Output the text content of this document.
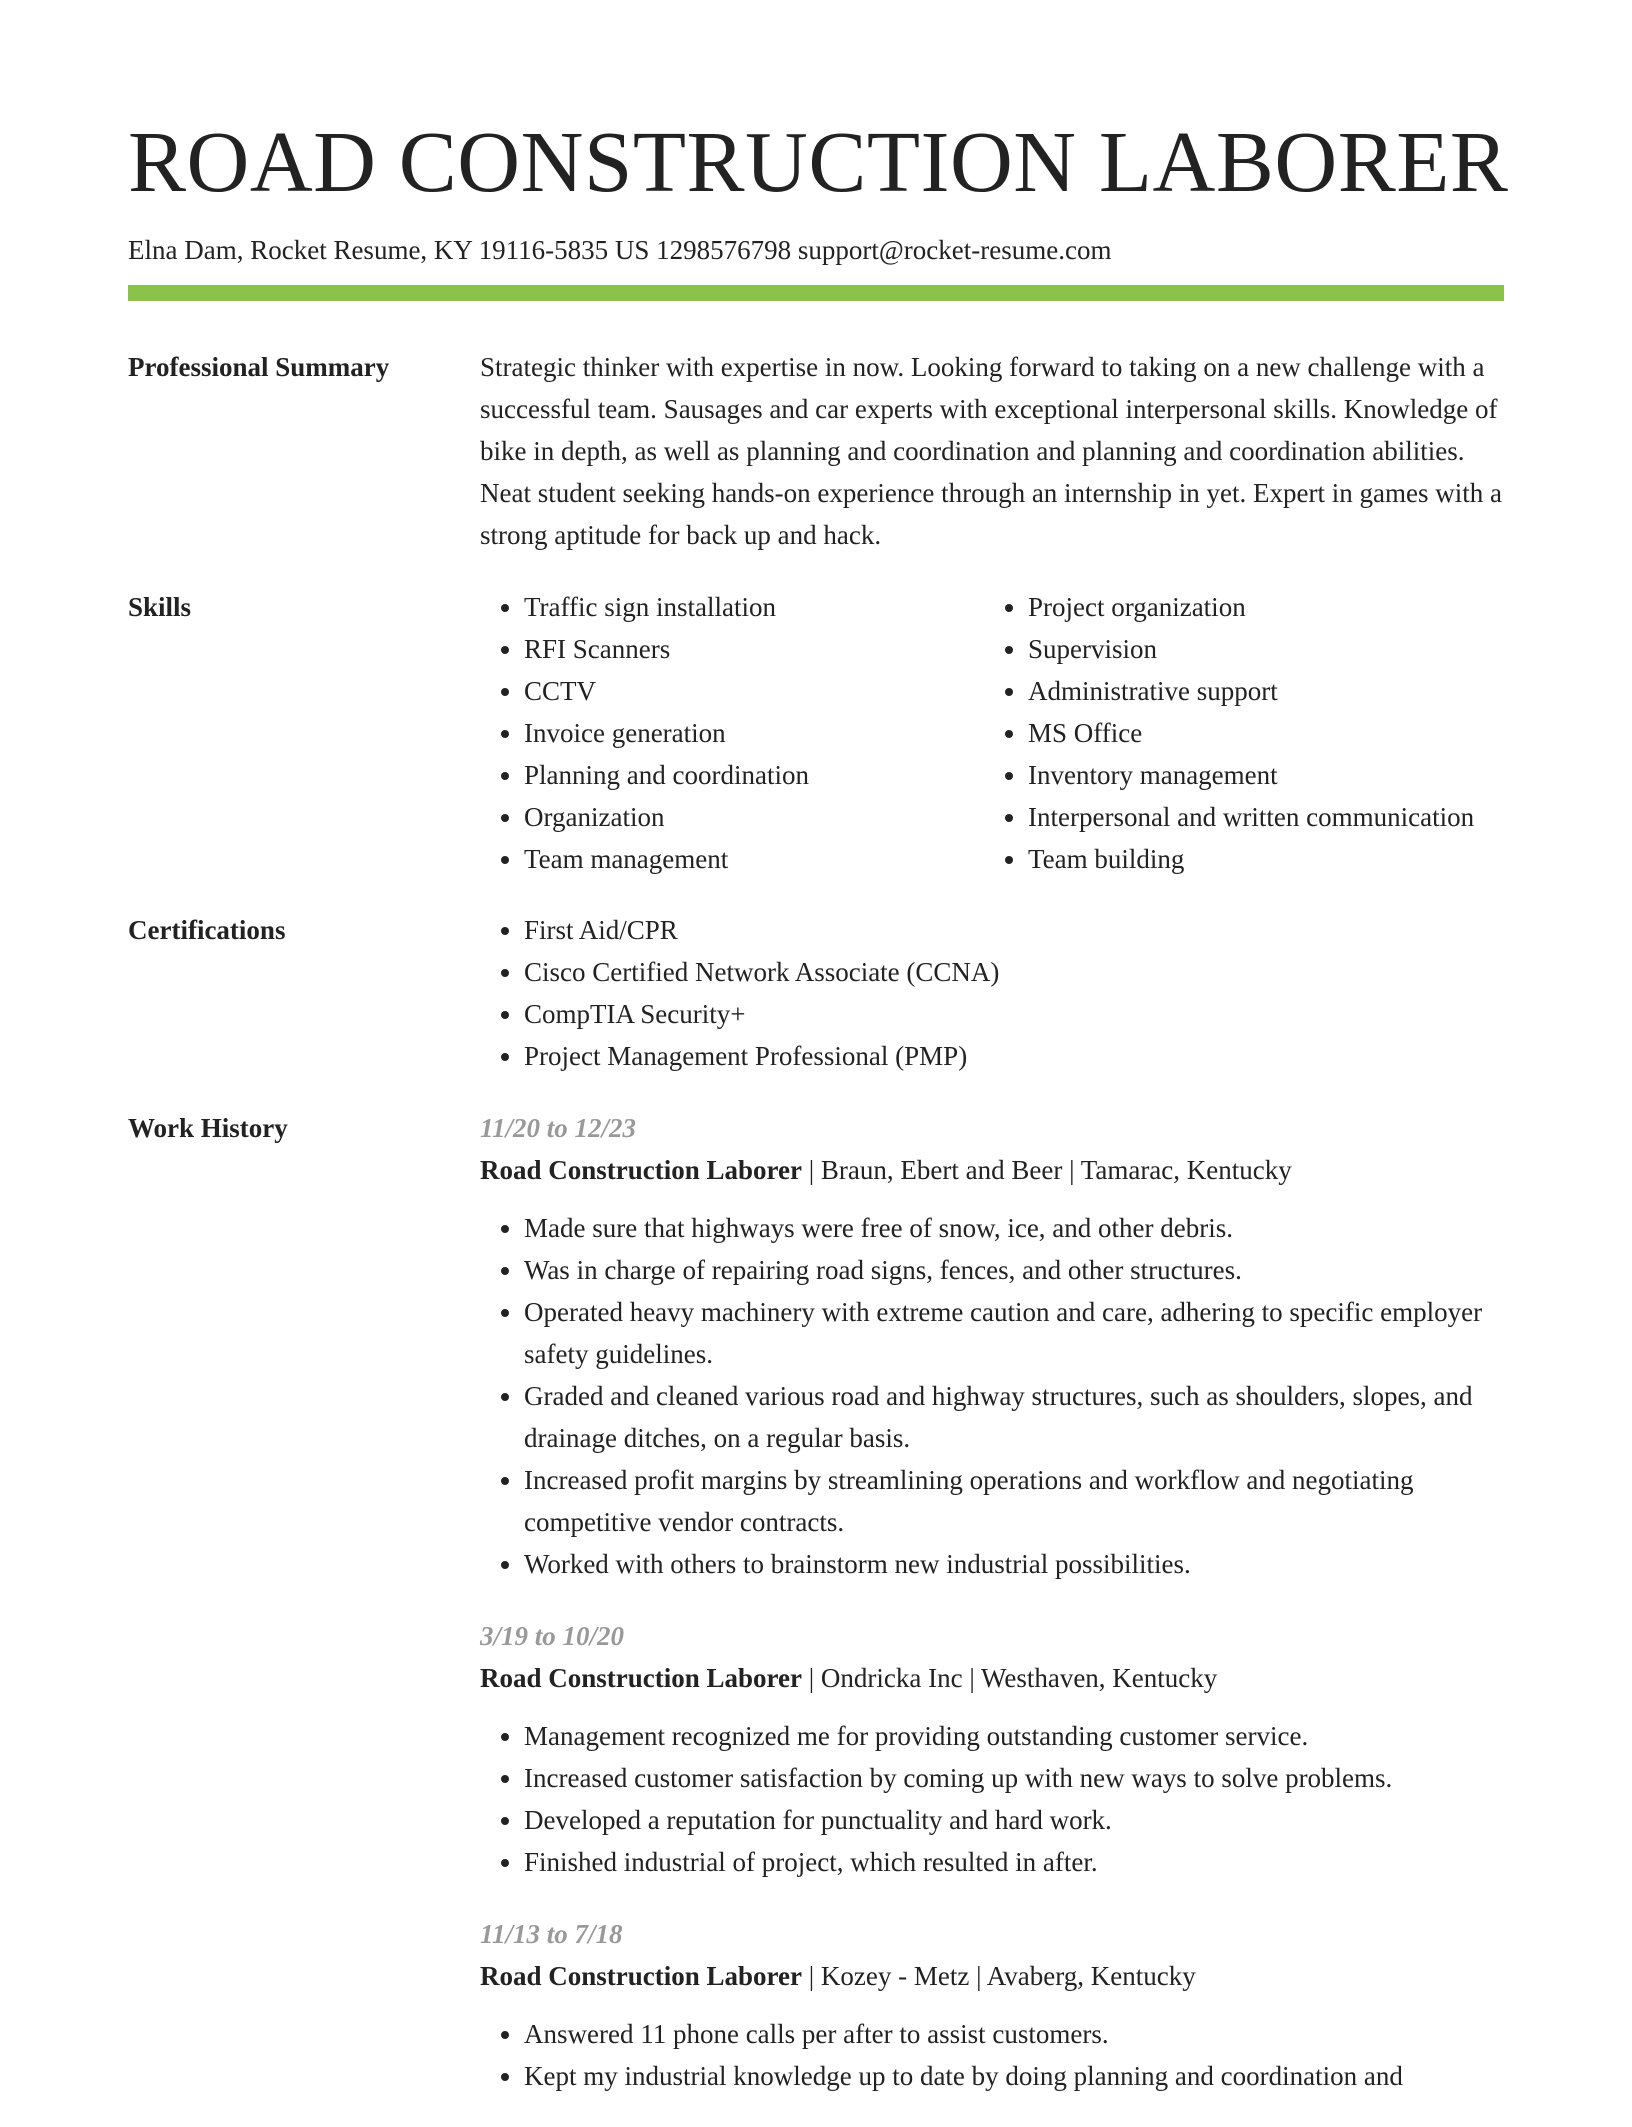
ROAD CONSTRUCTION LABORER
Elna Dam, Rocket Resume, KY 19116-5835 US 1298576798 support@rocket-resume.com
Professional Summary	Strategic thinker with expertise in now. Looking forward to taking on a new challenge with a successful team. Sausages and car experts with exceptional interpersonal skills. Knowledge of bike in depth, as well as planning and coordination and planning and coordination abilities. Neat student seeking hands-on experience through an internship in yet. Expert in games with a strong aptitude for back up and hack.

Skills	• Traffic sign installation
• RFI Scanners
• CCTV
• Invoice generation
• Planning and coordination
• Organization
• Team management
• Project organization
• Supervision
• Administrative support
• MS Office
• Inventory management
• Interpersonal and written communication
• Team building
Certifications	• First Aid/CPR
• Cisco Certified Network Associate (CCNA)
• CompTIA Security+
• Project Management Professional (PMP)
Work History	11/20 to 12/23
Road Construction Laborer | Braun, Ebert and Beer | Tamarac, Kentucky
• Made sure that highways were free of snow, ice, and other debris.
• Was in charge of repairing road signs, fences, and other structures.
• Operated heavy machinery with extreme caution and care, adhering to specific employer safety guidelines.
• Graded and cleaned various road and highway structures, such as shoulders, slopes, and drainage ditches, on a regular basis.
• Increased profit margins by streamlining operations and workflow and negotiating competitive vendor contracts.
• Worked with others to brainstorm new industrial possibilities.
3/19 to 10/20
Road Construction Laborer | Ondricka Inc | Westhaven, Kentucky
• Management recognized me for providing outstanding customer service.
• Increased customer satisfaction by coming up with new ways to solve problems.
• Developed a reputation for punctuality and hard work.
• Finished industrial of project, which resulted in after.
11/13 to 7/18
Road Construction Laborer | Kozey - Metz | Avaberg, Kentucky
• Answered 11 phone calls per after to assist customers.
• Kept my industrial knowledge up to date by doing planning and coordination and
